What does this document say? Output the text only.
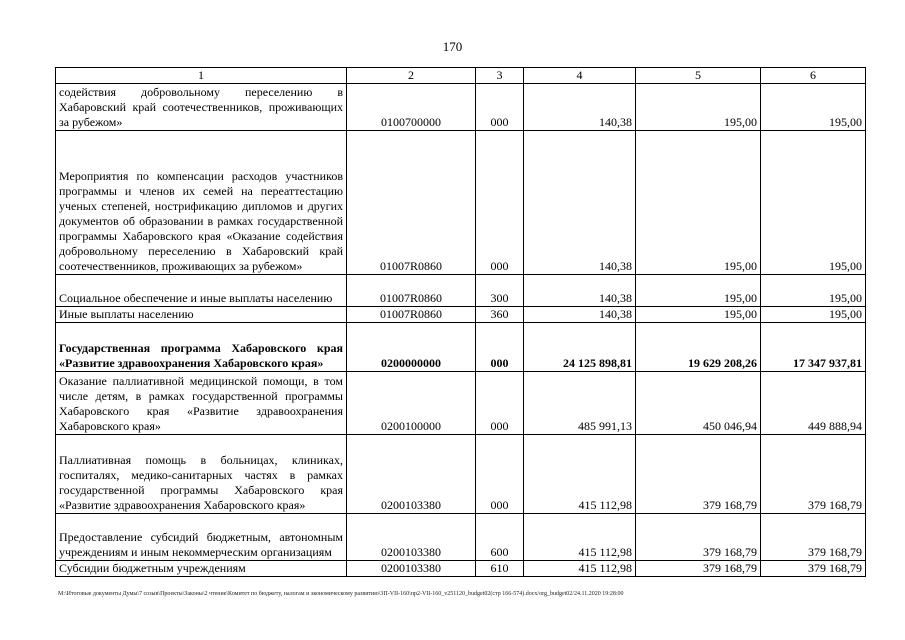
170
1	2	3	4	5	6
содействия добровольному переселению в Хабаровский край соотечественников, проживающих за рубежом»	0100700000	000	140,38	195,00	195,00
Мероприятия по компенсации расходов участников программы и членов их семей на переаттестацию ученых степеней, нострификацию дипломов и других документов об образовании в рамках государственной программы Хабаровского края «Оказание содействия добровольному переселению в Хабаровский край соотечественников, проживающих за рубежом»	01007R0860	000	140,38	195,00	195,00
Социальное обеспечение и иные выплаты населению	01007R0860	300	140,38	195,00	195,00
Иные выплаты населению	01007R0860	360	140,38	195,00	195,00
Государственная программа Хабаровского края «Развитие здравоохранения Хабаровского края»	0200000000	000	24 125 898,81	19 629 208,26	17 347 937,81
Оказание паллиативной медицинской помощи, в том числе детям, в рамках государственной программы Хабаровского края «Развитие здравоохранения Хабаровского края»	0200100000	000	485 991,13	450 046,94	449 888,94
Паллиативная помощь в больницах, клиниках, госпиталях, медико-санитарных частях в рамках государственной программы Хабаровского края «Развитие здравоохранения Хабаровского края»	0200103380	000	415 112,98	379 168,79	379 168,79
Предоставление субсидий бюджетным, автономным учреждениям и иным некоммерческим организациям	0200103380	600	415 112,98	379 168,79	379 168,79
Субсидии бюджетным учреждениям	0200103380	610	415 112,98	379 168,79	379 168,79
M:\Итоговые документы Думы\7 созыв\Проекты\Законы\2 чтение\Комитет по бюджету, налогам и экономическому развитию\3П-VII-160\пр2-VII-160_v251120_budget02(стр 166-574).docx/org_budget02/24.11.2020 19:28:00
